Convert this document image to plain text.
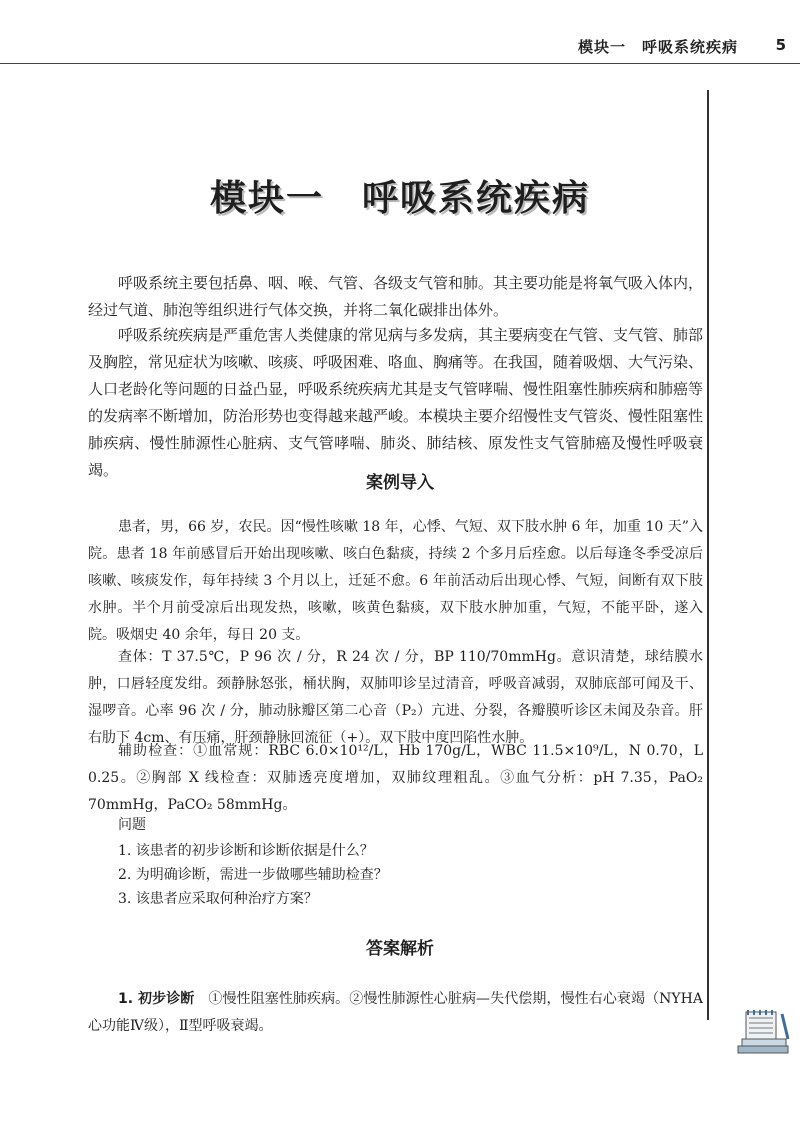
模块一　呼吸系统疾病	5
模块一　呼吸系统疾病
呼吸系统主要包括鼻、咽、喉、气管、各级支气管和肺。其主要功能是将氧气吸入体内，经过气道、肺泡等组织进行气体交换，并将二氧化碳排出体外。
呼吸系统疾病是严重危害人类健康的常见病与多发病，其主要病变在气管、支气管、肺部及胸腔，常见症状为咳嗽、咳痰、呼吸困难、咯血、胸痛等。在我国，随着吸烟、大气污染、人口老龄化等问题的日益凸显，呼吸系统疾病尤其是支气管哮喘、慢性阻塞性肺疾病和肺癌等的发病率不断增加，防治形势也变得越来越严峻。本模块主要介绍慢性支气管炎、慢性阻塞性肺疾病、慢性肺源性心脏病、支气管哮喘、肺炎、肺结核、原发性支气管肺癌及慢性呼吸衰竭。
案例导入
患者，男，66 岁，农民。因“慢性咳嗽 18 年，心悸、气短、双下肢水肿 6 年，加重 10 天”入院。患者 18 年前感冒后开始出现咳嗽、咳白色黏痰，持续 2 个多月后痊愈。以后每逢冬季受凉后咳嗽、咳痰发作，每年持续 3 个月以上，迁延不愈。6 年前活动后出现心悸、气短，间断有双下肢水肿。半个月前受凉后出现发热，咳嗽，咳黄色黏痰，双下肢水肿加重，气短，不能平卧，遂入院。吸烟史 40 余年，每日 20 支。
查体：T 37.5℃，P 96 次 / 分，R 24 次 / 分，BP 110/70mmHg。意识清楚，球结膜水肿，口唇轻度发绀。颈静脉怒张，桶状胸，双肺叩诊呈过清音，呼吸音减弱，双肺底部可闻及干、湿啰音。心率 96 次 / 分，肺动脉瓣区第二心音（P₂）亢进、分裂，各瓣膜听诊区未闻及杂音。肝右肋下 4cm、有压痛，肝颈静脉回流征（+）。双下肢中度凹陷性水肿。
辅助检查：①血常规：RBC 6.0×10¹²/L，Hb 170g/L，WBC 11.5×10⁹/L，N 0.70，L 0.25。②胸部 X 线检查：双肺透亮度增加，双肺纹理粗乱。③血气分析：pH 7.35，PaO₂ 70mmHg，PaCO₂ 58mmHg。
问题
1. 该患者的初步诊断和诊断依据是什么？
2. 为明确诊断，需进一步做哪些辅助检查？
3. 该患者应采取何种治疗方案？
答案解析
1. 初步诊断 ①慢性阻塞性肺疾病。②慢性肺源性心脏病—失代偿期，慢性右心衰竭（NYHA 心功能Ⅳ级），Ⅱ型呼吸衰竭。
